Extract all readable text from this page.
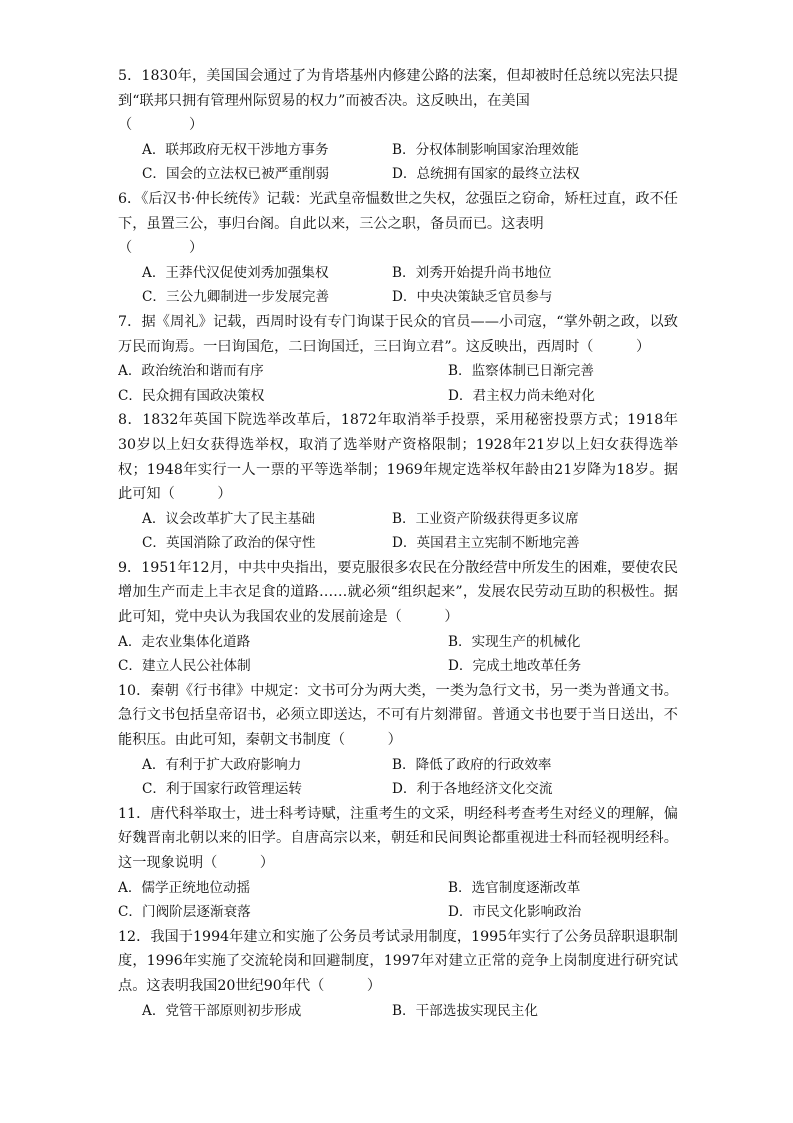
5．1830年，美国国会通过了为肯塔基州内修建公路的法案，但却被时任总统以宪法只提到“联邦只拥有管理州际贸易的权力”而被否决。这反映出，在美国
（　　　　）

A．联邦政府无权干涉地方事务	B．分权体制影响国家治理效能
C．国会的立法权已被严重削弱	D．总统拥有国家的最终立法权

6．《后汉书·仲长统传》记载：光武皇帝愠数世之失权，忿强臣之窃命，矫枉过直，政不任下，虽置三公，事归台阁。自此以来，三公之职，备员而已。这表明
（　　　　）

A．王莽代汉促使刘秀加强集权	B．刘秀开始提升尚书地位
C．三公九卿制进一步发展完善	D．中央决策缺乏官员参与

7．据《周礼》记载，西周时设有专门询谋于民众的官员——小司寇，“掌外朝之政，以致万民而询焉。一曰询国危，二曰询国迁，三曰询立君”。这反映出，西周时（　　　）

A．政治统治和谐而有序	B．监察体制已日渐完善
C．民众拥有国政决策权	D．君主权力尚未绝对化

8．1832年英国下院选举改革后，1872年取消举手投票，采用秘密投票方式；1918年30岁以上妇女获得选举权，取消了选举财产资格限制；1928年21岁以上妇女获得选举权；1948年实行一人一票的平等选举制；1969年规定选举权年龄由21岁降为18岁。据此可知（　　　）

A．议会改革扩大了民主基础	B．工业资产阶级获得更多议席
C．英国消除了政治的保守性	D．英国君主立宪制不断地完善

9．1951年12月，中共中央指出，要克服很多农民在分散经营中所发生的困难，要使农民增加生产而走上丰衣足食的道路……就必须“组织起来”，发展农民劳动互助的积极性。据此可知，党中央认为我国农业的发展前途是（　　　）

A．走农业集体化道路	B．实现生产的机械化
C．建立人民公社体制	D．完成土地改革任务

10．秦朝《行书律》中规定：文书可分为两大类，一类为急行文书，另一类为普通文书。急行文书包括皇帝诏书，必须立即送达，不可有片刻滞留。普通文书也要于当日送出，不能积压。由此可知，秦朝文书制度（　　　）

A．有利于扩大政府影响力	B．降低了政府的行政效率
C．利于国家行政管理运转	D．利于各地经济文化交流

11．唐代科举取士，进士科考诗赋，注重考生的文采，明经科考查考生对经义的理解，偏好魏晋南北朝以来的旧学。自唐高宗以来，朝廷和民间舆论都重视进士科而轻视明经科。这一现象说明（　　　）

A．儒学正统地位动摇	B．选官制度逐渐改革
C．门阀阶层逐渐衰落	D．市民文化影响政治

12．我国于1994年建立和实施了公务员考试录用制度，1995年实行了公务员辞职退职制度，1996年实施了交流轮岗和回避制度，1997年对建立正常的竞争上岗制度进行研究试点。这表明我国20世纪90年代（　　　）

A．党管干部原则初步形成	B．干部选拔实现民主化
